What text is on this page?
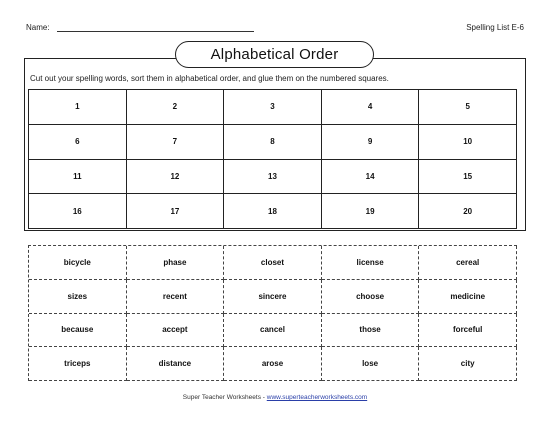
Name:	Spelling List E-6
Alphabetical Order
Cut out your spelling words, sort them in alphabetical order, and glue them on the numbered squares.
1	2	3	4	5
6	7	8	9	10
11	12	13	14	15
16	17	18	19	20
bicycle	phase	closet	license	cereal
sizes	recent	sincere	choose	medicine
because	accept	cancel	those	forceful
triceps	distance	arose	lose	city
Super Teacher Worksheets - www.superteacherworksheets.com
